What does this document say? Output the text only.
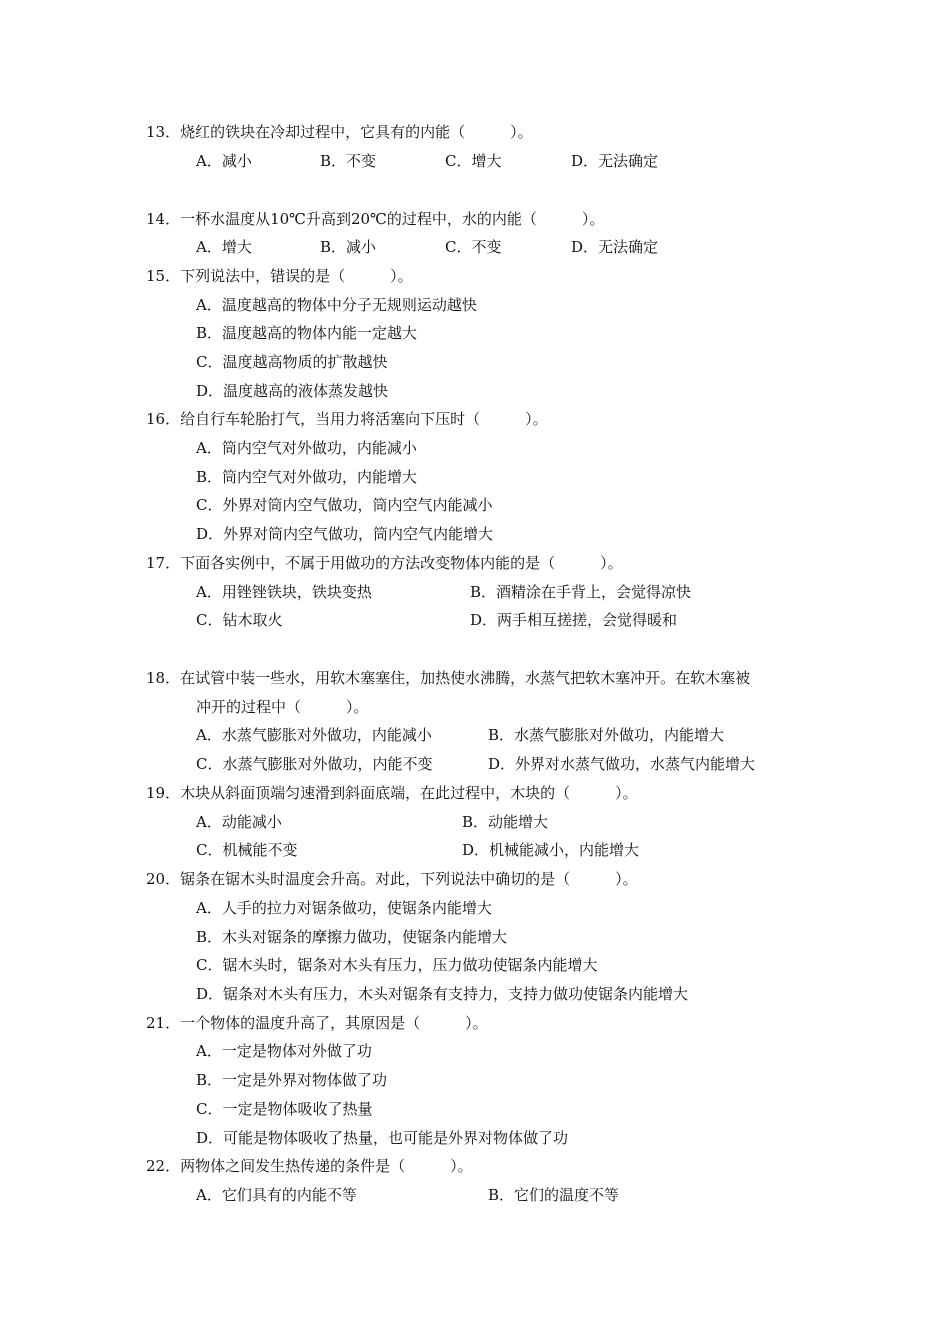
13．烧红的铁块在冷却过程中，它具有的内能（　　　）。
A．减小	B．不变	C．增大	D．无法确定
14．一杯水温度从10℃升高到20℃的过程中，水的内能（　　　）。
A．增大	B．减小	C．不变	D．无法确定
15．下列说法中，错误的是（　　　）。
A．温度越高的物体中分子无规则运动越快
B．温度越高的物体内能一定越大
C．温度越高物质的扩散越快
D．温度越高的液体蒸发越快
16．给自行车轮胎打气，当用力将活塞向下压时（　　　）。
A．筒内空气对外做功，内能减小
B．筒内空气对外做功，内能增大
C．外界对筒内空气做功，筒内空气内能减小
D．外界对筒内空气做功，筒内空气内能增大
17．下面各实例中，不属于用做功的方法改变物体内能的是（　　　）。
A．用锉锉铁块，铁块变热	B．酒精涂在手背上，会觉得凉快
C．钻木取火	D．两手相互搓搓，会觉得暖和
18．在试管中装一些水，用软木塞塞住，加热使水沸腾，水蒸气把软木塞冲开。在软木塞被
冲开的过程中（　　　）。
A．水蒸气膨胀对外做功，内能减小	B．水蒸气膨胀对外做功，内能增大
C．水蒸气膨胀对外做功，内能不变	D．外界对水蒸气做功，水蒸气内能增大
19．木块从斜面顶端匀速滑到斜面底端，在此过程中，木块的（　　　）。
A．动能减小	B．动能增大
C．机械能不变	D．机械能减小，内能增大
20．锯条在锯木头时温度会升高。对此，下列说法中确切的是（　　　）。
A．人手的拉力对锯条做功，使锯条内能增大
B．木头对锯条的摩擦力做功，使锯条内能增大
C．锯木头时，锯条对木头有压力，压力做功使锯条内能增大
D．锯条对木头有压力，木头对锯条有支持力，支持力做功使锯条内能增大
21．一个物体的温度升高了，其原因是（　　　）。
A．一定是物体对外做了功
B．一定是外界对物体做了功
C．一定是物体吸收了热量
D．可能是物体吸收了热量，也可能是外界对物体做了功
22．两物体之间发生热传递的条件是（　　　）。
A．它们具有的内能不等	B．它们的温度不等
